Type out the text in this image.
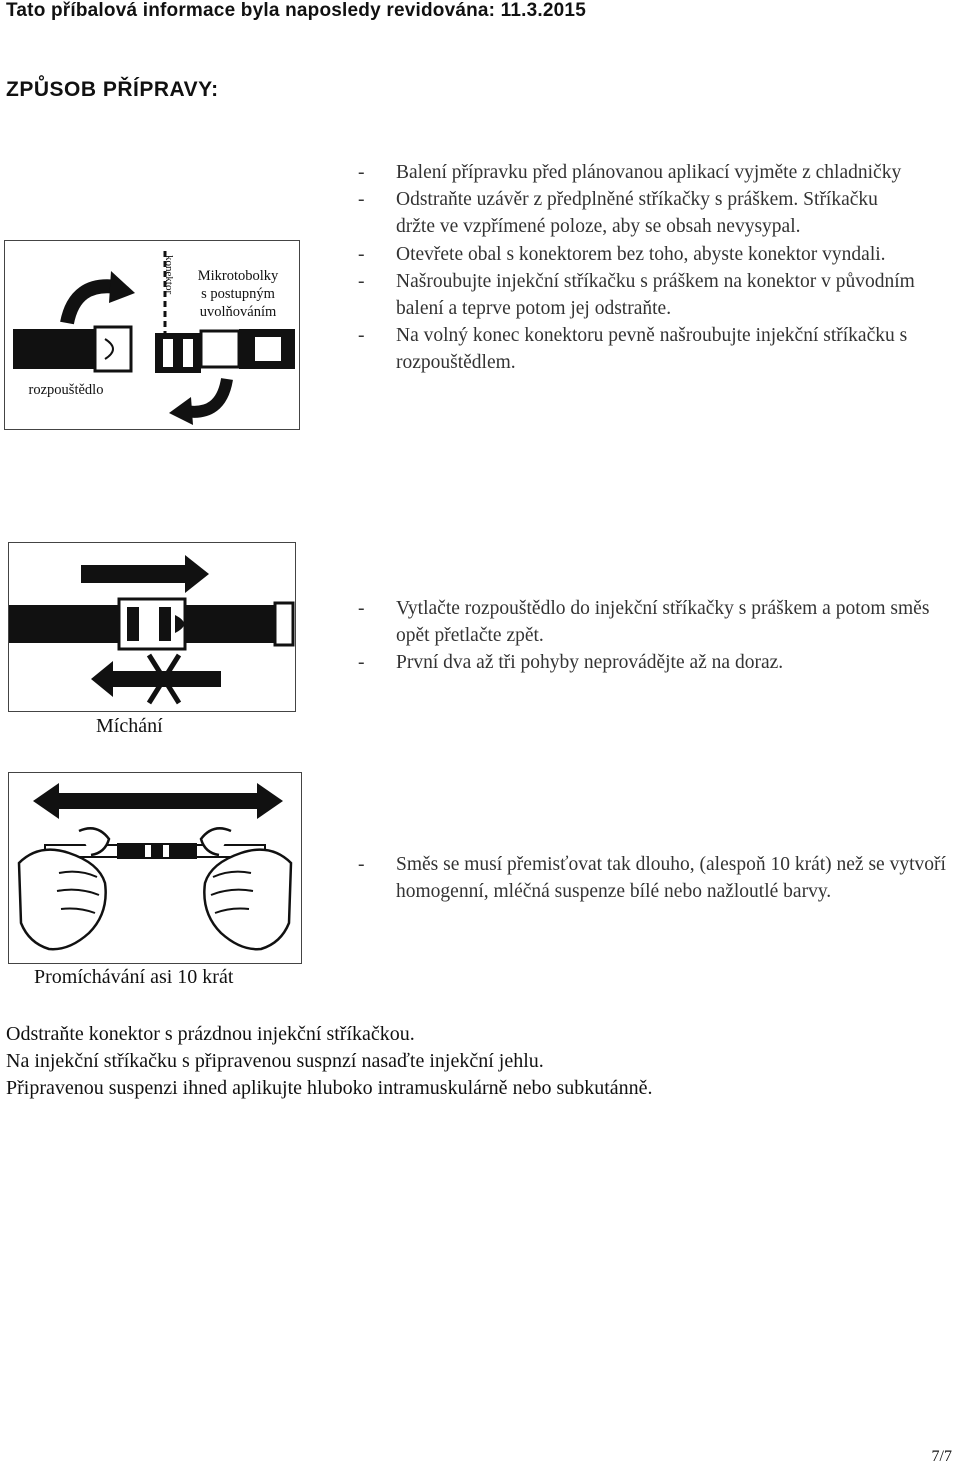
Tato příbalová informace byla naposledy revidována: 11.3.2015
ZPŮSOB PŘÍPRAVY:
Mikrotobolky
s postupným
uvolňováním
konektor
rozpouštědlo
- Balení přípravku před plánovanou aplikací vyjměte z chladničky
- Odstraňte uzávěr z předplněné stříkačky s práškem. Stříkačku držte ve vzpřímené poloze, aby se obsah nevysypal.
- Otevřete obal s konektorem bez toho, abyste konektor vyndali.
- Našroubujte injekční stříkačku s práškem na konektor v původním balení a teprve potom jej odstraňte.
- Na volný konec konektoru pevně našroubujte injekční stříkačku s rozpouštědlem.
Míchání
- Vytlačte rozpouštědlo do injekční stříkačky s práškem a potom směs opět přetlačte zpět.
- První dva až tři pohyby neprovádějte až na doraz.
Promíchávání asi 10 krát
- Směs se musí přemisťovat tak dlouho, (alespoň 10 krát) než se vytvoří homogenní, mléčná suspenze bílé nebo nažloutlé barvy.
Odstraňte konektor s prázdnou injekční stříkačkou.
Na injekční stříkačku s připravenou suspnzí nasaďte injekční jehlu.
Připravenou suspenzi ihned aplikujte hluboko intramuskulárně nebo subkutánně.
7/7
